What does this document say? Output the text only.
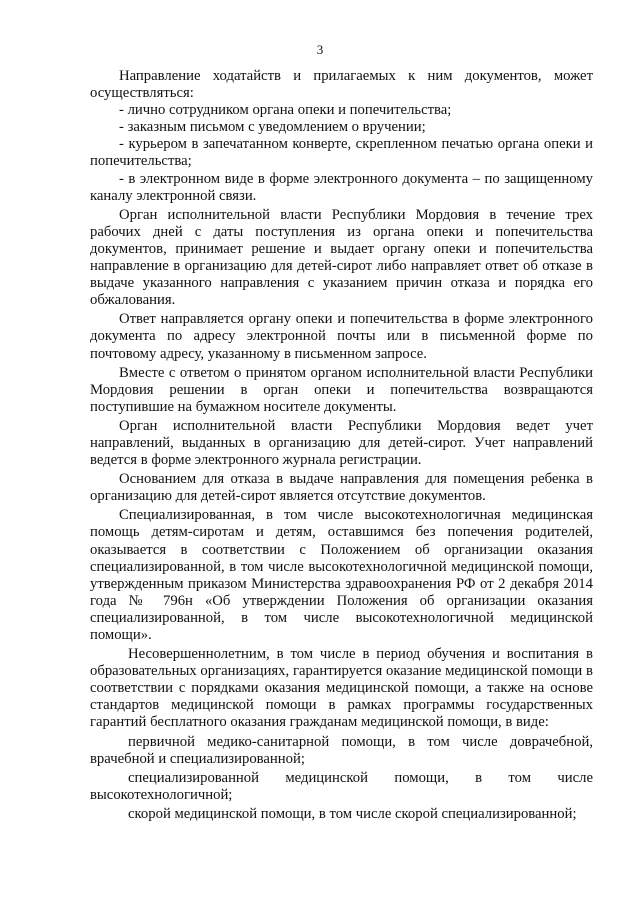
3

Направление ходатайств и прилагаемых к ним документов, может осуществляться:

- лично сотрудником органа опеки и попечительства;

- заказным письмом с уведомлением о вручении;

- курьером в запечатанном конверте, скрепленном печатью органа опеки и попечительства;

- в электронном виде в форме электронного документа – по защищенному каналу электронной связи.

Орган исполнительной власти Республики Мордовия в течение трех рабочих дней с даты поступления из органа опеки и попечительства документов, принимает решение и выдает органу опеки и попечительства направление в организацию для детей-сирот либо направляет ответ об отказе в выдаче указанного направления с указанием причин отказа и порядка его обжалования.

Ответ направляется органу опеки и попечительства в форме электронного документа по адресу электронной почты или в письменной форме по почтовому адресу, указанному в письменном запросе.

Вместе с ответом о принятом органом исполнительной власти Республики Мордовия решении в орган опеки и попечительства возвращаются поступившие на бумажном носителе документы.

Орган исполнительной власти Республики Мордовия ведет учет направлений, выданных в организацию для детей-сирот. Учет направлений ведется в форме электронного журнала регистрации.

Основанием для отказа в выдаче направления для помещения ребенка в организацию для детей-сирот является отсутствие документов.

Специализированная, в том числе высокотехнологичная медицинская помощь детям-сиротам и детям, оставшимся без попечения родителей, оказывается в соответствии с Положением об организации оказания специализированной, в том числе высокотехнологичной медицинской помощи, утвержденным приказом Министерства здравоохранения РФ от 2 декабря 2014 года № 796н «Об утверждении Положения об организации оказания специализированной, в том числе высокотехнологичной медицинской помощи».

Несовершеннолетним, в том числе в период обучения и воспитания в образовательных организациях, гарантируется оказание медицинской помощи в соответствии с порядками оказания медицинской помощи, а также на основе стандартов медицинской помощи в рамках программы государственных гарантий бесплатного оказания гражданам медицинской помощи, в виде:

первичной медико-санитарной помощи, в том числе доврачебной, врачебной и специализированной;

специализированной медицинской помощи, в том числе высокотехнологичной;

скорой медицинской помощи, в том числе скорой специализированной;
